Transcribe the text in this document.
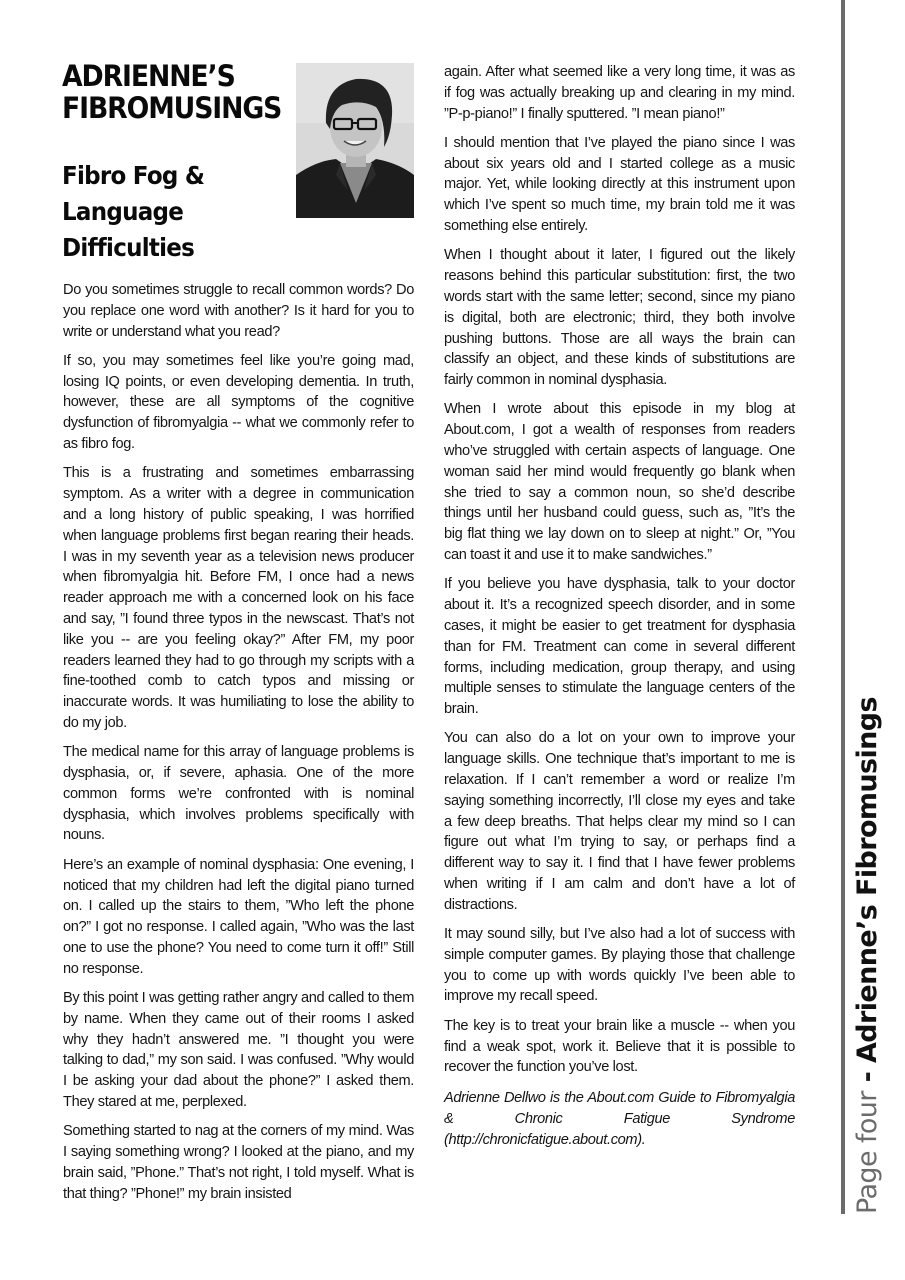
ADRIENNE’S
FIBROMUSINGS
Fibro Fog &
Language
Difficulties

Do you sometimes struggle to recall common words? Do you replace one word with another? Is it hard for you to write or understand what you read?

If so, you may sometimes feel like you’re going mad, losing IQ points, or even developing dementia. In truth, however, these are all symptoms of the cognitive dysfunction of fibromyalgia -- what we commonly refer to as fibro fog.

This is a frustrating and sometimes embarrassing symptom. As a writer with a degree in communication and a long history of public speaking, I was horrified when language problems first began rearing their heads. I was in my seventh year as a television news producer when fibromyalgia hit. Before FM, I once had a news reader approach me with a concerned look on his face and say, ”I found three typos in the newscast. That’s not like you -- are you feeling okay?” After FM, my poor readers learned they had to go through my scripts with a fine-toothed comb to catch typos and missing or inaccurate words. It was humiliating to lose the ability to do my job.

The medical name for this array of language problems is dysphasia, or, if severe, aphasia. One of the more common forms we’re confronted with is nominal dysphasia, which involves problems specifically with nouns.

Here’s an example of nominal dysphasia: One evening, I noticed that my children had left the digital piano turned on. I called up the stairs to them, ”Who left the phone on?” I got no response. I called again, ”Who was the last one to use the phone? You need to come turn it off!” Still no response.

By this point I was getting rather angry and called to them by name. When they came out of their rooms I asked why they hadn’t answered me. ”I thought you were talking to dad,” my son said. I was confused. ”Why would I be asking your dad about the phone?” I asked them. They stared at me, perplexed.

Something started to nag at the corners of my mind. Was I saying something wrong? I looked at the piano, and my brain said, ”Phone.” That’s not right, I told myself. What is that thing? ”Phone!” my brain insisted

again. After what seemed like a very long time, it was as if fog was actually breaking up and clearing in my mind. ”P-p-piano!” I finally sputtered. ”I mean piano!”

I should mention that I’ve played the piano since I was about six years old and I started college as a music major. Yet, while looking directly at this instrument upon which I’ve spent so much time, my brain told me it was something else entirely.

When I thought about it later, I figured out the likely reasons behind this particular substitution: first, the two words start with the same letter; second, since my piano is digital, both are electronic; third, they both involve pushing buttons. Those are all ways the brain can classify an object, and these kinds of substitutions are fairly common in nominal dysphasia.

When I wrote about this episode in my blog at About.com, I got a wealth of responses from readers who’ve struggled with certain aspects of language. One woman said her mind would frequently go blank when she tried to say a common noun, so she’d describe things until her husband could guess, such as, ”It’s the big flat thing we lay down on to sleep at night.” Or, ”You can toast it and use it to make sandwiches.”

If you believe you have dysphasia, talk to your doctor about it. It’s a recognized speech disorder, and in some cases, it might be easier to get treatment for dysphasia than for FM. Treatment can come in several different forms, including medication, group therapy, and using multiple senses to stimulate the language centers of the brain.

You can also do a lot on your own to improve your language skills. One technique that’s important to me is relaxation. If I can’t remember a word or realize I’m saying something incorrectly, I’ll close my eyes and take a few deep breaths. That helps clear my mind so I can figure out what I’m trying to say, or perhaps find a different way to say it. I find that I have fewer problems when writing if I am calm and don’t have a lot of distractions.

It may sound silly, but I’ve also had a lot of success with simple computer games. By playing those that challenge you to come up with words quickly I’ve been able to improve my recall speed.

The key is to treat your brain like a muscle -- when you find a weak spot, work it. Believe that it is possible to recover the function you’ve lost.

Adrienne Dellwo is the About.com Guide to Fibromyalgia & Chronic Fatigue Syndrome (http://chronicfatigue.about.com).	Page four - Adrienne’s Fibromusings
